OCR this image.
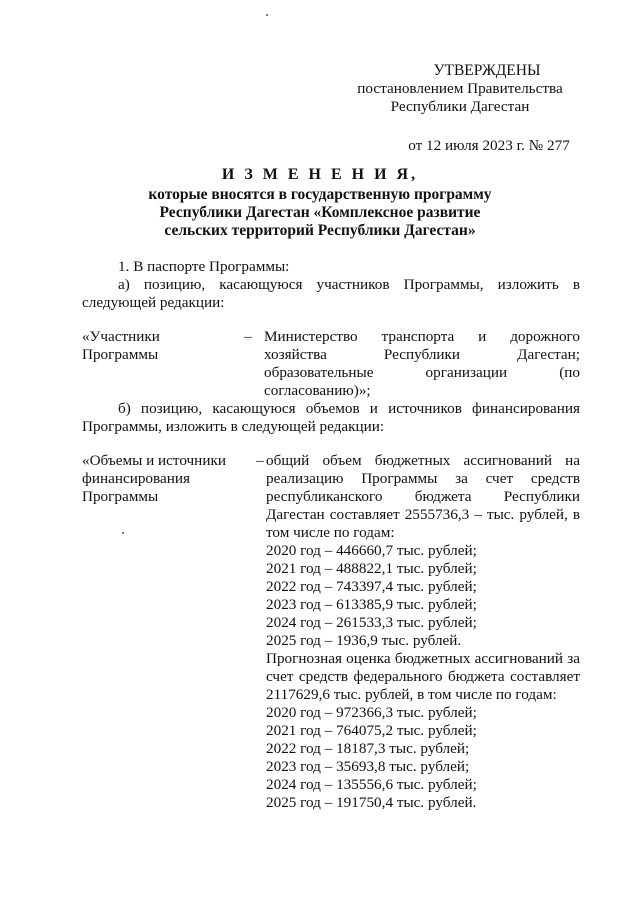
УТВЕРЖДЕНЫ
постановлением Правительства
Республики Дагестан
от 12 июля 2023 г. № 277
И З М Е Н Е Н И Я,
которые вносятся в государственную программу
Республики Дагестан «Комплексное развитие
сельских территорий Республики Дагестан»
1. В паспорте Программы:
а) позицию, касающуюся участников Программы, изложить в следующей редакции:
«Участники Программы
– Министерство транспорта и дорожного хозяйства Республики Дагестан; образовательные организации (по согласованию)»;
б) позицию, касающуюся объемов и источников финансирования Программы, изложить в следующей редакции:
«Объемы и источники финансирования Программы
– общий объем бюджетных ассигнований на реализацию Программы за счет средств республиканского бюджета Республики Дагестан составляет 2555736,3 – тыс. рублей, в том числе по годам:
2020 год – 446660,7 тыс. рублей;
2021 год – 488822,1 тыс. рублей;
2022 год – 743397,4 тыс. рублей;
2023 год – 613385,9 тыс. рублей;
2024 год – 261533,3 тыс. рублей;
2025 год – 1936,9 тыс. рублей.
Прогнозная оценка бюджетных ассигнований за счет средств федерального бюджета составляет 2117629,6 тыс. рублей, в том числе по годам:
2020 год – 972366,3 тыс. рублей;
2021 год – 764075,2 тыс. рублей;
2022 год – 18187,3 тыс. рублей;
2023 год – 35693,8 тыс. рублей;
2024 год – 135556,6 тыс. рублей;
2025 год – 191750,4 тыс. рублей.
